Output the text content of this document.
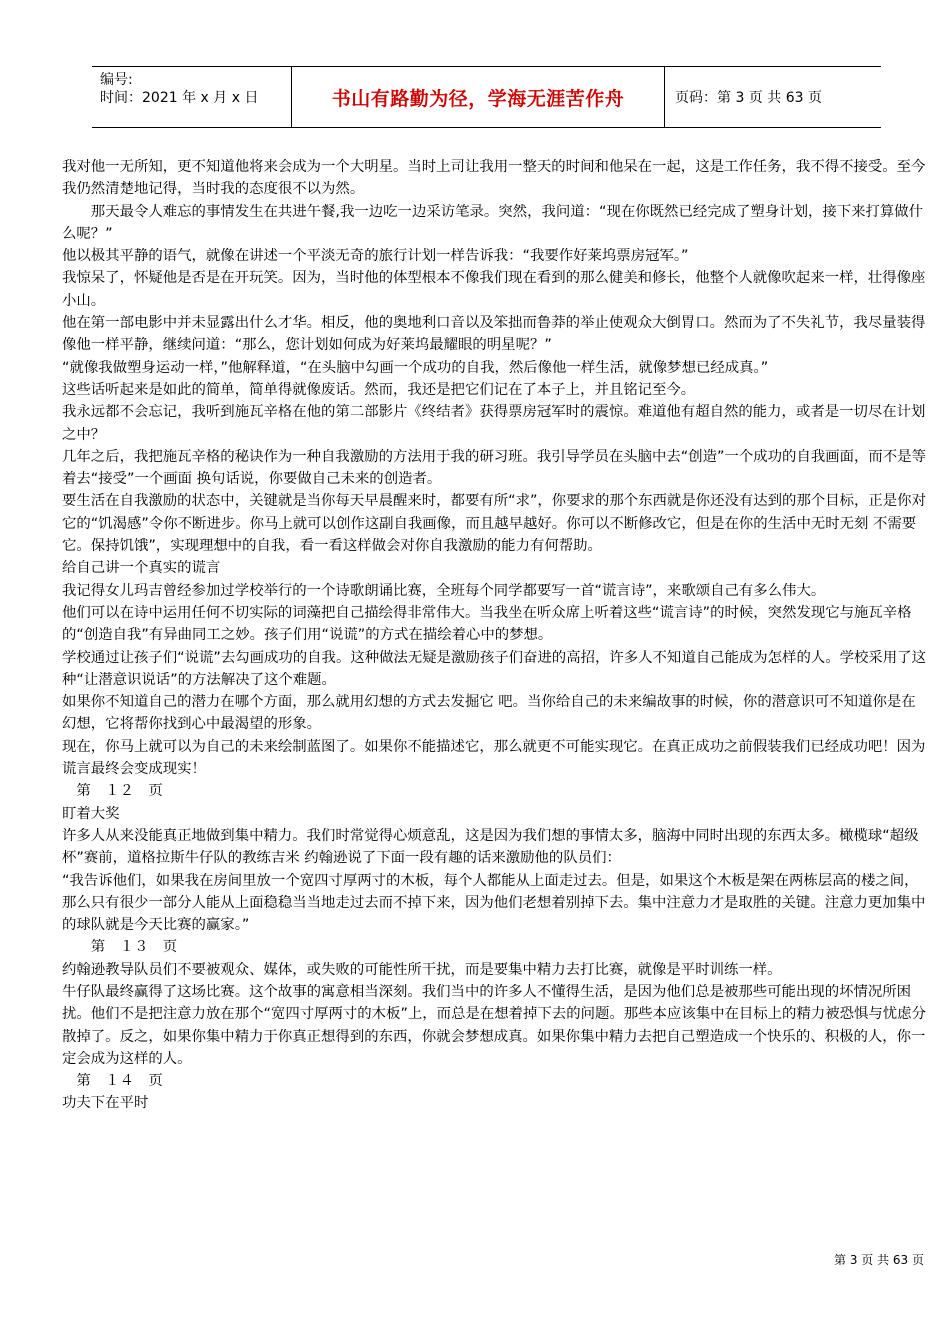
编号:
时间：2021 年 x 月 x 日	书山有路勤为径，学海无涯苦作舟	页码：第 3 页 共 63 页

我对他一无所知，更不知道他将来会成为一个大明星。当时上司让我用一整天的时间和他呆在一起，这是工作任务，我不得不接受。至今我仍然清楚地记得，当时我的态度很不以为然。

　　那天最令人难忘的事情发生在共进午餐,我一边吃一边采访笔录。突然，我问道：“现在你既然已经完成了塑身计划，接下来打算做什么呢？”

他以极其平静的语气，就像在讲述一个平淡无奇的旅行计划一样告诉我：“我要作好莱坞票房冠军。”

我惊呆了，怀疑他是否是在开玩笑。因为，当时他的体型根本不像我们现在看到的那么健美和修长，他整个人就像吹起来一样，壮得像座小山。

他在第一部电影中并未显露出什么才华。相反，他的奥地利口音以及笨拙而鲁莽的举止使观众大倒胃口。然而为了不失礼节，我尽量装得像他一样平静，继续问道：“那么，您计划如何成为好莱坞最耀眼的明星呢？”

“就像我做塑身运动一样，”他解释道，“在头脑中勾画一个成功的自我，然后像他一样生活，就像梦想已经成真。”

这些话听起来是如此的简单，简单得就像废话。然而，我还是把它们记在了本子上，并且铭记至今。

我永远都不会忘记，我听到施瓦辛格在他的第二部影片《终结者》获得票房冠军时的震惊。难道他有超自然的能力，或者是一切尽在计划之中？

几年之后，我把施瓦辛格的秘诀作为一种自我激励的方法用于我的研习班。我引导学员在头脑中去“创造”一个成功的自我画面，而不是等着去“接受”一个画面 换句话说，你要做自己未来的创造者。

要生活在自我激励的状态中，关键就是当你每天早晨醒来时，都要有所“求”，你要求的那个东西就是你还没有达到的那个目标，正是你对它的“饥渴感”令你不断进步。你马上就可以创作这副自我画像，而且越早越好。你可以不断修改它，但是在你的生活中无时无刻 不需要它。保持饥饿”，实现理想中的自我，看一看这样做会对你自我激励的能力有何帮助。

给自己讲一个真实的谎言

我记得女儿玛吉曾经参加过学校举行的一个诗歌朗诵比赛，全班每个同学都要写一首“谎言诗”，来歌颂自己有多么伟大。

他们可以在诗中运用任何不切实际的词藻把自己描绘得非常伟大。当我坐在听众席上听着这些“谎言诗”的时候，突然发现它与施瓦辛格的“创造自我”有异曲同工之妙。孩子们用“说谎”的方式在描绘着心中的梦想。

学校通过让孩子们“说谎”去勾画成功的自我。这种做法无疑是激励孩子们奋进的高招，许多人不知道自己能成为怎样的人。学校采用了这种“让潜意识说话”的方法解决了这个难题。

如果你不知道自己的潜力在哪个方面，那么就用幻想的方式去发掘它 吧。当你给自己的未来编故事的时候，你的潜意识可不知道你是在幻想，它将帮你找到心中最渴望的形象。

现在，你马上就可以为自己的未来绘制蓝图了。如果你不能描述它，那么就更不可能实现它。在真正成功之前假装我们已经成功吧！因为谎言最终会变成现实！

　第　１２　页

盯着大奖

许多人从来没能真正地做到集中精力。我们时常觉得心烦意乱，这是因为我们想的事情太多，脑海中同时出现的东西太多。橄榄球“超级杯”赛前，道格拉斯牛仔队的教练吉米 约翰逊说了下面一段有趣的话来激励他的队员们：

“我告诉他们，如果我在房间里放一个宽四寸厚两寸的木板，每个人都能从上面走过去。但是，如果这个木板是架在两栋层高的楼之间，那么只有很少一部分人能从上面稳稳当当地走过去而不掉下来，因为他们老想着别掉下去。集中注意力才是取胜的关键。注意力更加集中的球队就是今天比赛的赢家。”

　　第　１３　页

约翰逊教导队员们不要被观众、媒体，或失败的可能性所干扰，而是要集中精力去打比赛，就像是平时训练一样。

牛仔队最终赢得了这场比赛。这个故事的寓意相当深刻。我们当中的许多人不懂得生活，是因为他们总是被那些可能出现的坏情况所困扰。他们不是把注意力放在那个“宽四寸厚两寸的木板”上，而总是在想着掉下去的问题。那些本应该集中在目标上的精力被恐惧与忧虑分散掉了。反之，如果你集中精力于你真正想得到的东西，你就会梦想成真。如果你集中精力去把自己塑造成一个快乐的、积极的人，你一定会成为这样的人。

　第　１４　页

功夫下在平时

第 3 页 共 63 页
